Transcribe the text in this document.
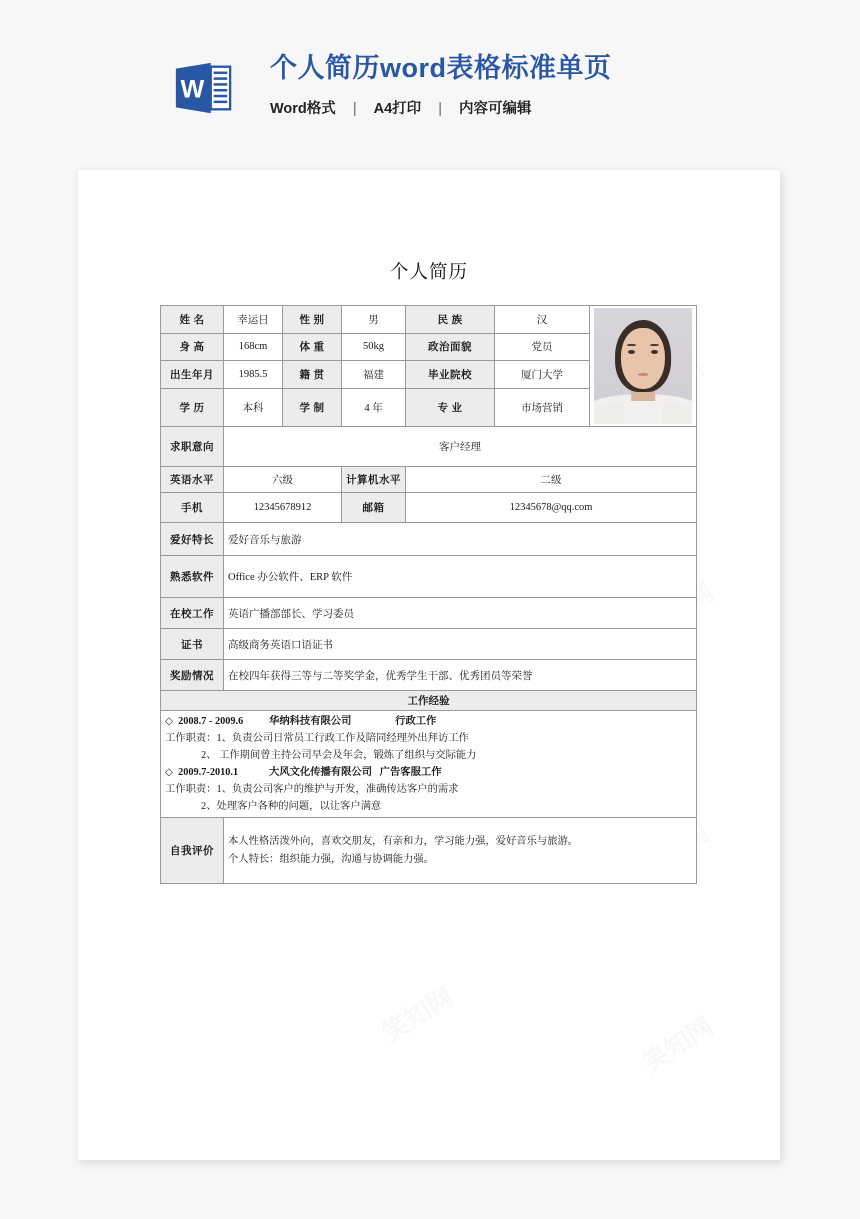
W
个人简历word表格标准单页
Word格式 | A4打印 | 内容可编辑
笑知网	笑知网
个人简历
姓 名	幸运日	性 别	男	民 族	汉	

身 高	168cm	体 重	50kg	政治面貌	党员	
出生年月	1985.5	籍 贯	福建	毕业院校	厦门大学	
学 历	本科	学 制	4 年	专 业	市场营销	
求职意向	客户经理					
英语水平	六级		计算机水平	二级		
手机	12345678912		邮箱	12345678@qq.com		
爱好特长	爱好音乐与旅游					
熟悉软件	Office 办公软件、ERP 软件					
在校工作	英语广播部部长、学习委员					
证书	高级商务英语口语证书					
奖励情况	在校四年获得三等与二等奖学金，优秀学生干部、优秀团员等荣誉					
工作经验						

◇  2008.7 - 2009.6          华纳科技有限公司                 行政工作
工作职责：1、负责公司日常员工行政工作及陪同经理外出拜访工作
2、 工作期间曾主持公司早会及年会，锻炼了组织与交际能力
◇  2009.7-2010.1            大风文化传播有限公司   广告客服工作
工作职责：1、负责公司客户的维护与开发，准确传达客户的需求
2、处理客户各种的问题，以让客户满意

自我评价	本人性格活泼外向，喜欢交朋友，有亲和力，学习能力强，爱好音乐与旅游。
个人特长：组织能力强，沟通与协调能力强。					
